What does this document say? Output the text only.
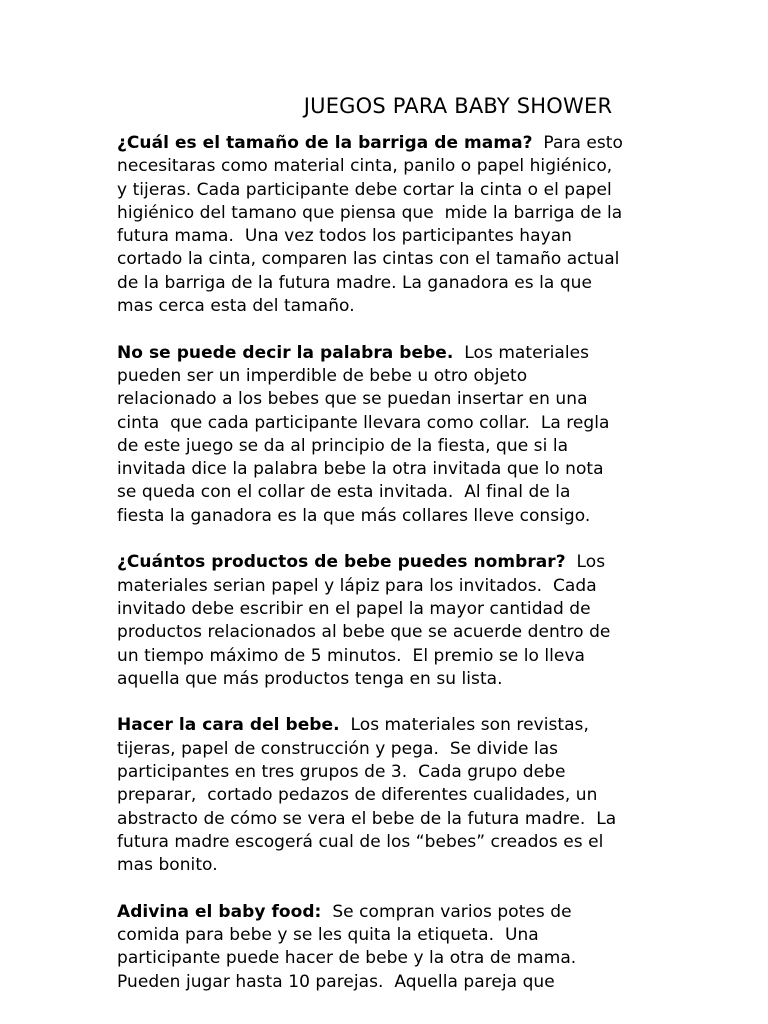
JUEGOS PARA BABY SHOWER
¿Cuál es el tamaño de la barriga de mama?  Para esto
necesitaras como material cinta, panilo o papel higiénico,
y tijeras. Cada participante debe cortar la cinta o el papel
higiénico del tamano que piensa que  mide la barriga de la
futura mama.  Una vez todos los participantes hayan
cortado la cinta, comparen las cintas con el tamaño actual
de la barriga de la futura madre. La ganadora es la que
mas cerca esta del tamaño.
No se puede decir la palabra bebe.  Los materiales
pueden ser un imperdible de bebe u otro objeto
relacionado a los bebes que se puedan insertar en una
cinta  que cada participante llevara como collar.  La regla
de este juego se da al principio de la fiesta, que si la
invitada dice la palabra bebe la otra invitada que lo nota
se queda con el collar de esta invitada.  Al final de la
fiesta la ganadora es la que más collares lleve consigo.
¿Cuántos productos de bebe puedes nombrar?  Los
materiales serian papel y lápiz para los invitados.  Cada
invitado debe escribir en el papel la mayor cantidad de
productos relacionados al bebe que se acuerde dentro de
un tiempo máximo de 5 minutos.  El premio se lo lleva
aquella que más productos tenga en su lista.
Hacer la cara del bebe.  Los materiales son revistas,
tijeras, papel de construcción y pega.  Se divide las
participantes en tres grupos de 3.  Cada grupo debe
preparar,  cortado pedazos de diferentes cualidades, un
abstracto de cómo se vera el bebe de la futura madre.  La
futura madre escogerá cual de los “bebes” creados es el
mas bonito.
Adivina el baby food:  Se compran varios potes de
comida para bebe y se les quita la etiqueta.  Una
participante puede hacer de bebe y la otra de mama.
Pueden jugar hasta 10 parejas.  Aquella pareja que
